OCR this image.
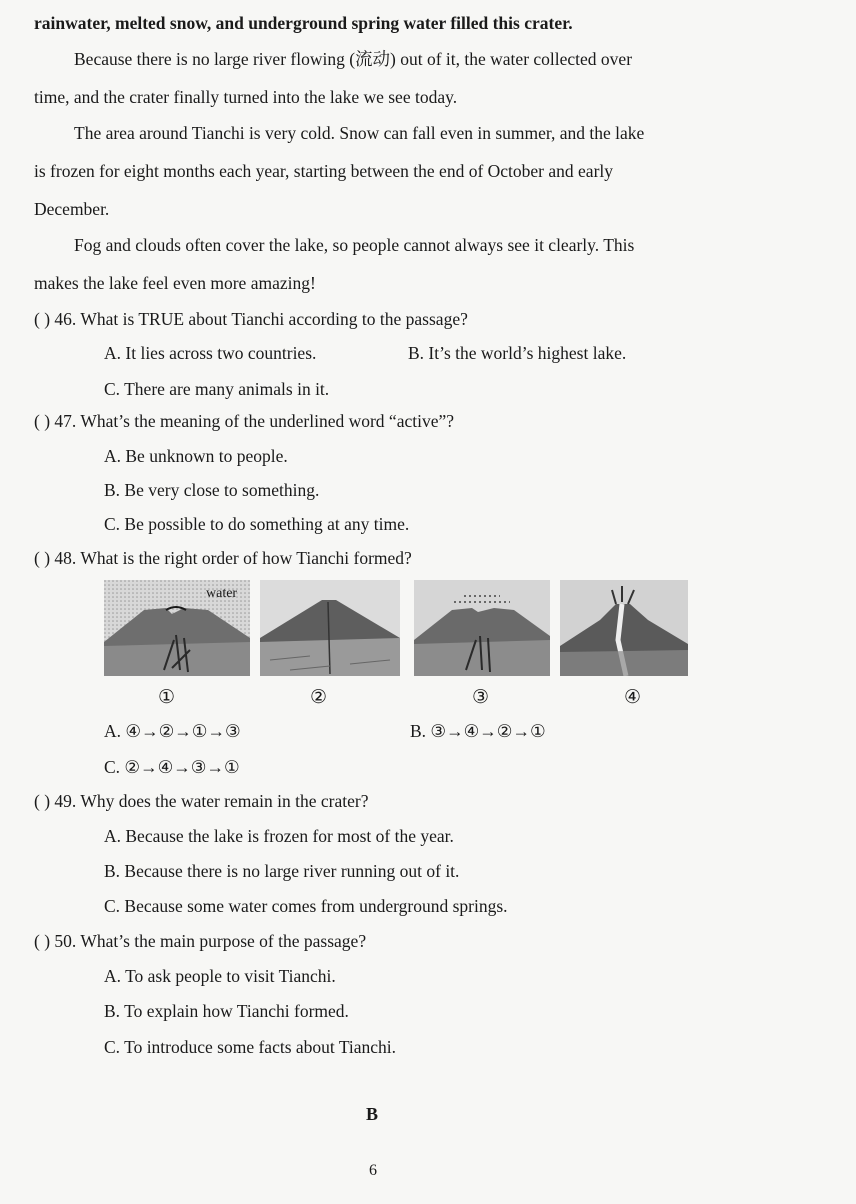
rainwater, melted snow, and underground spring water filled this crater.
Because there is no large river flowing (流动) out of it, the water collected over
time, and the crater finally turned into the lake we see today.
The area around Tianchi is very cold. Snow can fall even in summer, and the lake
is frozen for eight months each year, starting between the end of October and early
December.
Fog and clouds often cover the lake, so people cannot always see it clearly. This
makes the lake feel even more amazing!
( ) 46. What is TRUE about Tianchi according to the passage?
A. It lies across two countries.	B. It’s the world’s highest lake.
C. There are many animals in it.
( ) 47. What’s the meaning of the underlined word “active”?
A. Be unknown to people.
B. Be very close to something.
C. Be possible to do something at any time.
( ) 48. What is the right order of how Tianchi formed?
water
①	②	③	④
A. ④→②→①→③	B. ③→④→②→①
C. ②→④→③→①
( ) 49. Why does the water remain in the crater?
A. Because the lake is frozen for most of the year.
B. Because there is no large river running out of it.
C. Because some water comes from underground springs.
( ) 50. What’s the main purpose of the passage?
A. To ask people to visit Tianchi.
B. To explain how Tianchi formed.
C. To introduce some facts about Tianchi.
B
6
